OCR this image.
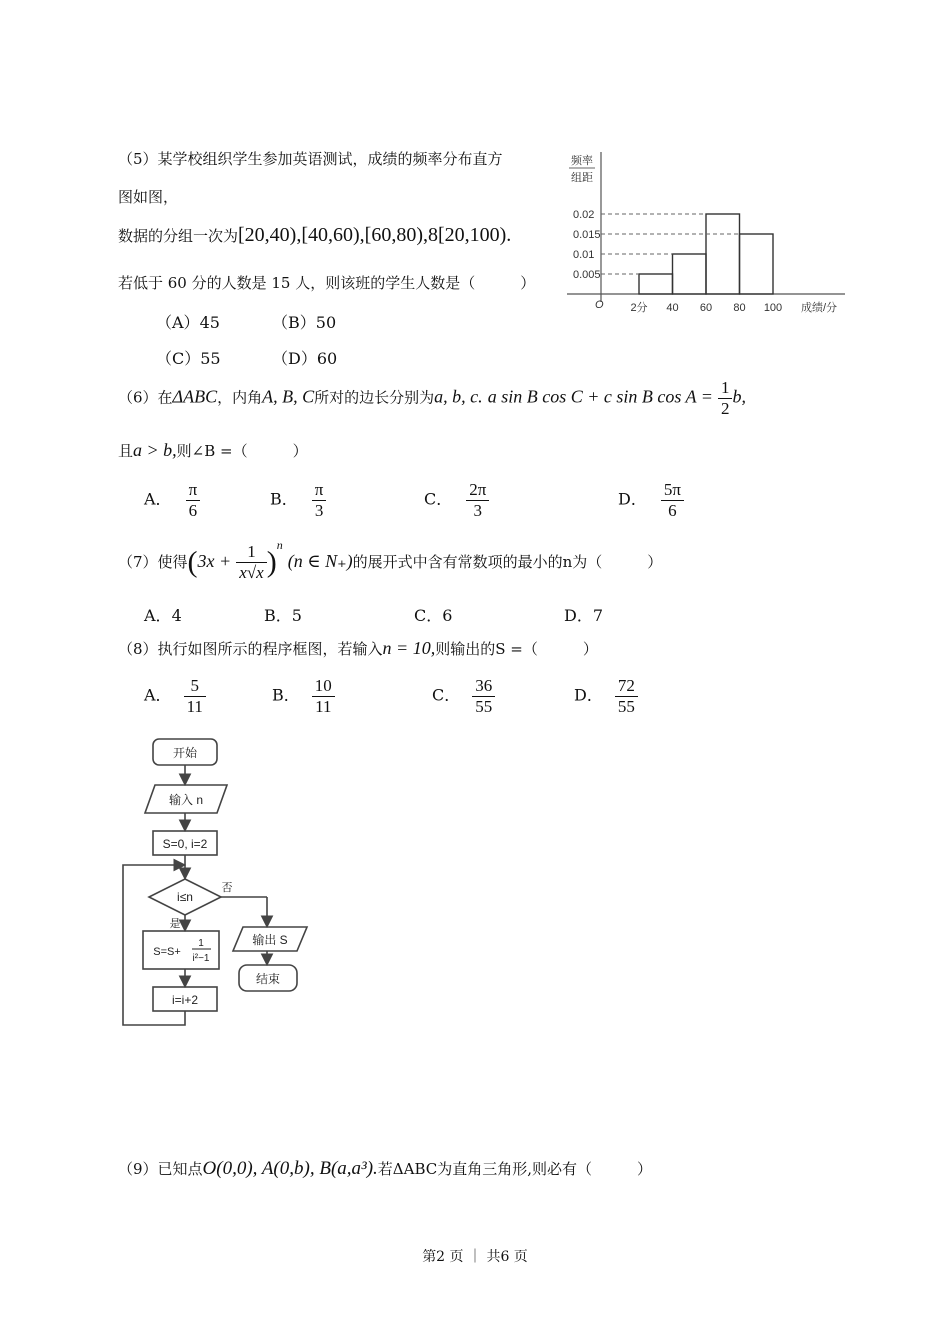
（5）某学校组织学生参加英语测试，成绩的频率分布直方
图如图，
数据的分组一次为[20,40),[40,60),[60,80),8[20,100).
若低于 60 分的人数是 15 人，则该班的学生人数是（　　　）
（A）45	（B）50
（C）55	（D）60
频率
组距
O	成绩/分
0.005
0.01
0.015
0.02
2分 40 60 80 100
（6）在ΔABC，内角A, B, C所对的边长分别为a, b, c. a sin B cos C + c sin B $\cos A = \frac{1}{2} b$,
且a > b,则∠B =（　　　）
A． $\frac{\pi}{6}$	B． $\frac{\pi}{3}$	C． $\frac{2\pi}{3}$	D． $\frac{5\pi}{6}$
（7）使得$(3x + \frac{1}{x√x} )^n$ (n ∈ N₊)的展开式中含有常数项的最小的n为（　　　）
A．4	B．5	C．6	D．7
（8）执行如图所示的程序框图，若输入n = 10,则输出的S =（　　　）
A． $\frac{5}{11}$	B． $\frac{10}{11}$	C． $\frac{36}{55}$	D． $\frac{72}{55}$
开始
输入 n
S=0, i=2
i≤n
否
是
S=S+
1
i²−1
输出 S
结束
i=i+2
（9）已知点O(0,0), A(0,b), B(a,a³).若ΔABC为直角三角形,则必有（　　　）
第2 页 ｜ 共6 页
